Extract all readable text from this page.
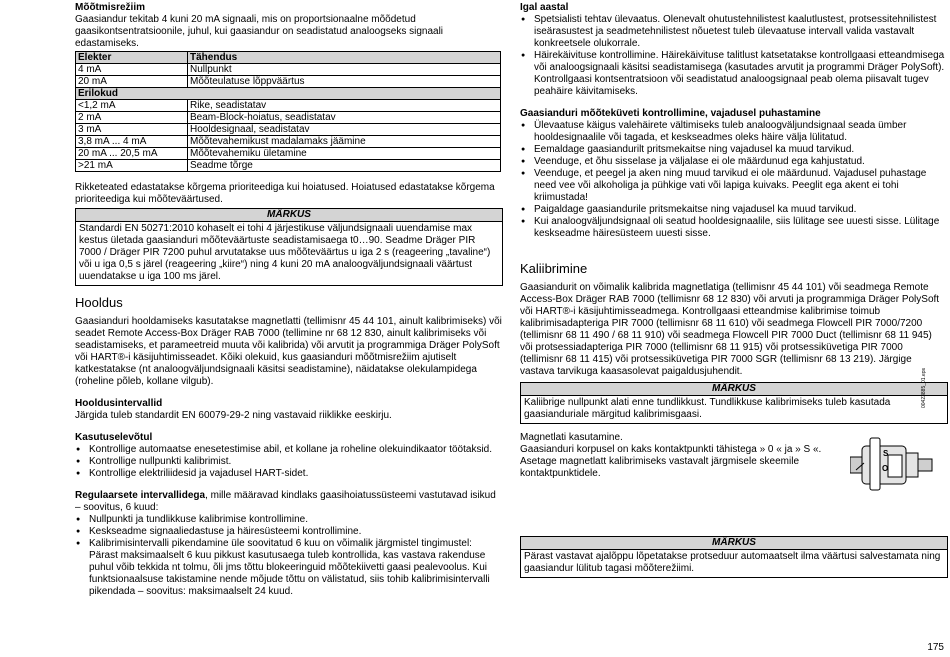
Mõõtmisrežiim

Gaasiandur tekitab 4 kuni 20 mA signaali, mis on proportsionaalne mõõdetud gaasikontsentratsioonile, juhul, kui gaasiandur on seadistatud analoogseks signaali edastamiseks.

Elekter	Tähendus
4 mA	Nullpunkt
20 mA	Mõõteulatuse lõppväärtus
Erilokud	
<1,2 mA	Rike, seadistatav
2 mA	Beam-Block-hoiatus, seadistatav
3 mA	Hooldesignaal, seadistatav
3,8 mA ... 4 mA	Mõõtevahemikust madalamaks jäämine
20 mA ... 20,5 mA	Mõõtevahemiku ületamine
>21 mA	Seadme tõrge

Rikketeated edastatakse kõrgema prioriteediga kui hoiatused. Hoiatused edastatakse kõrgema prioriteediga kui mõõteväärtused.

MÄRKUS
Standardi EN 50271:2010 kohaselt ei tohi 4 järjestikuse väljundsignaali uuendamise max kestus ületada gaasianduri mõõteväärtuste seadistamisaega t0…90. Seadme Dräger PIR 7000 / Dräger PIR 7200 puhul arvutatakse uus mõõteväärtus u iga 2 s (reageering „tavaline“) või u iga 0,5 s järel (reageering „kiire“) ning 4 kuni 20 mA analoogväljundsignaali väärtust uuendatakse u iga 100 ms järel.
Hooldus

Gaasianduri hooldamiseks kasutatakse magnetlatti (tellimisnr 45 44 101, ainult kalibrimiseks) või seadet Remote Access-Box Dräger RAB 7000 (tellimine nr 68 12 830, ainult kalibrimiseks või seadistamiseks, et parameetreid muuta või kalibrida) või arvutit ja programmiga Dräger PolySoft või HART®-i käsijuhtimisseadet. Kõiki olekuid, kus gaasianduri mõõtmisrežiim ajutiselt katkestatakse (nt analoogväljundsignaali käsitsi seadistamine), näidatakse olekulampidega (roheline põleb, kollane vilgub).

Hooldusintervallid

Järgida tuleb standardit EN 60079-29-2 ning vastavaid riiklikke eeskirju.

Kasutuselevõtul
● Kontrollige automaatse enesetestimise abil, et kollane ja roheline olekuindikaator töötaksid.
● Kontrollige nullpunkti kalibrimist.
● Kontrollige elektriliidesid ja vajadusel HART-sidet.

Regulaarsete intervallidega, mille määravad kindlaks gaasihoiatussüsteemi vastutavad isikud – soovitus, 6 kuud:

● Nullpunkti ja tundlikkuse kalibrimise kontrollimine.
● Keskseadme signaaliedastuse ja häiresüsteemi kontrollimine.
● Kalibrimisintervalli pikendamine üle soovitatud 6 kuu on võimalik järgmistel tingimustel: Pärast maksimaalselt 6 kuu pikkust kasutusaega tuleb kontrollida, kas vastava rakenduse puhul võib tekkida nt tolmu, õli jms tõttu blokeeringuid mõõtekiivetti gaasi pealevoolus. Kui funktsionaalsuse takistamine nende mõjude tõttu on välistatud, siis tohib kalibrimisintervalli pikendada – soovitus: maksimaalselt 24 kuud.
Igal aastal
● Spetsialisti tehtav ülevaatus. Olenevalt ohutustehnilistest kaalutlustest, protsessitehnilistest iseärasustest ja seadmetehnilistest nõuetest tuleb ülevaatuse intervall valida vastavalt konkreetsele olukorrale.
● Häirekäivituse kontrollimine. Häirekäivituse talitlust katsetatakse kontrollgaasi etteandmisega või analoogsignaali käsitsi seadistamisega (kasutades arvutit ja programmi Dräger PolySoft). Kontrollgaasi kontsentratsioon või seadistatud analoogsignaal peab olema piisavalt tugev peahäire käivitamiseks.
Gaasianduri mõõteküveti kontrollimine, vajadusel puhastamine
● Ülevaatuse käigus valehäirete vältimiseks tuleb analoogväljundsignaal seada ümber hooldesignaalile või tagada, et keskseadmes oleks häire välja lülitatud.
● Eemaldage gaasiandurilt pritsmekaitse ning vajadusel ka muud tarvikud.
● Veenduge, et õhu sisselase ja väljalase ei ole määrdunud ega kahjustatud.
● Veenduge, et peegel ja aken ning muud tarvikud ei ole määrdunud. Vajadusel puhastage need vee või alkoholiga ja pühkige vati või lapiga kuivaks. Peeglit ega akent ei tohi kriimustada!
● Paigaldage gaasiandurile pritsmekaitse ning vajadusel ka muud tarvikud.
● Kui analoogväljundsignaal oli seatud hooldesignaalile, siis lülitage see uuesti sisse. Lülitage keskseadme häiresüsteem uuesti sisse.
Kaliibrimine

Gaasiandurit on võimalik kalibrida magnetlatiga (tellimisnr 45 44 101) või seadmega Remote Access-Box Dräger RAB 7000 (tellimisnr 68 12 830) või arvuti ja programmiga Dräger PolySoft või HART®-i käsijuhtimisseadmega. Kontrollgaasi etteandmise kalibrimise toimub kalibrimisadapteriga PIR 7000 (tellimisnr 68 11 610) või seadmega Flowcell PIR 7000/7200 (tellimisnr 68 11 490 / 68 11 910) või seadmega Flowcell PIR 7000 Duct (tellimisnr 68 11 945) või protsessiadapteriga PIR 7000 (tellimisnr 68 11 915) või protsessiküvetiga PIR 7000 (tellimisnr 68 11 415) või protsessiküvetiga PIR 7000 SGR (tellimisnr 68 13 219). Järgige vastava tarvikuga kaasasolevat paigaldusjuhendit.

MÄRKUS
Kaliibrige nullpunkt alati enne tundlikkust. Tundlikkuse kalibrimiseks tuleb kasutada gaasianduriale märgitud kalibrimisgaasi.

Magnetlati kasutamine.

Gaasianduri korpusel on kaks kontaktpunkti tähistega » 0 « ja » S «.

Asetage magnetlatt kalibrimiseks vastavalt järgmisele skeemile kontaktpunktidele.

S
O
MÄRKUS
Pärast vastavat ajalõppu lõpetatakse protseduur automaatselt ilma väärtusi salvestamata ning gaasiandur lülitub tagasi mõõterežiimi.
00423885_01.eps
175
